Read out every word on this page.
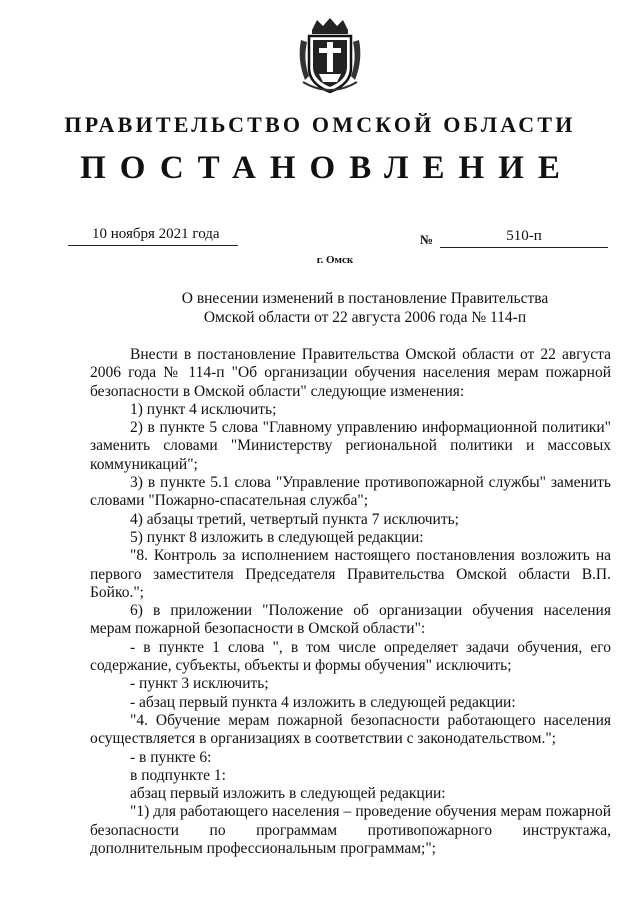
ПРАВИТЕЛЬСТВО ОМСКОЙ ОБЛАСТИ
ПОСТАНОВЛЕНИЕ
10 ноября 2021 года	№	510-п
г. Омск
О внесении изменений в постановление Правительства
Омской области от 22 августа 2006 года № 114-п

Внести в постановление Правительства Омской области от 22 августа 2006 года № 114-п "Об организации обучения населения мерам пожарной безопасности в Омской области" следующие изменения:

1) пункт 4 исключить;

2) в пункте 5 слова "Главному управлению информационной политики" заменить словами "Министерству региональной политики и массовых коммуникаций";

3) в пункте 5.1 слова "Управление противопожарной службы" заменить словами "Пожарно-спасательная служба";

4) абзацы третий, четвертый пункта 7 исключить;

5) пункт 8 изложить в следующей редакции:

"8. Контроль за исполнением настоящего постановления возложить на первого заместителя Председателя Правительства Омской области В.П. Бойко.";

6) в приложении "Положение об организации обучения населения мерам пожарной безопасности в Омской области":

- в пункте 1 слова ", в том числе определяет задачи обучения, его содержание, субъекты, объекты и формы обучения" исключить;

- пункт 3 исключить;

- абзац первый пункта 4 изложить в следующей редакции:

"4. Обучение мерам пожарной безопасности работающего населения осуществляется в организациях в соответствии с законодательством.";

- в пункте 6:

в подпункте 1:

абзац первый изложить в следующей редакции:

"1) для работающего населения – проведение обучения мерам пожарной безопасности по программам противопожарного инструктажа, дополнительным профессиональным программам;";
